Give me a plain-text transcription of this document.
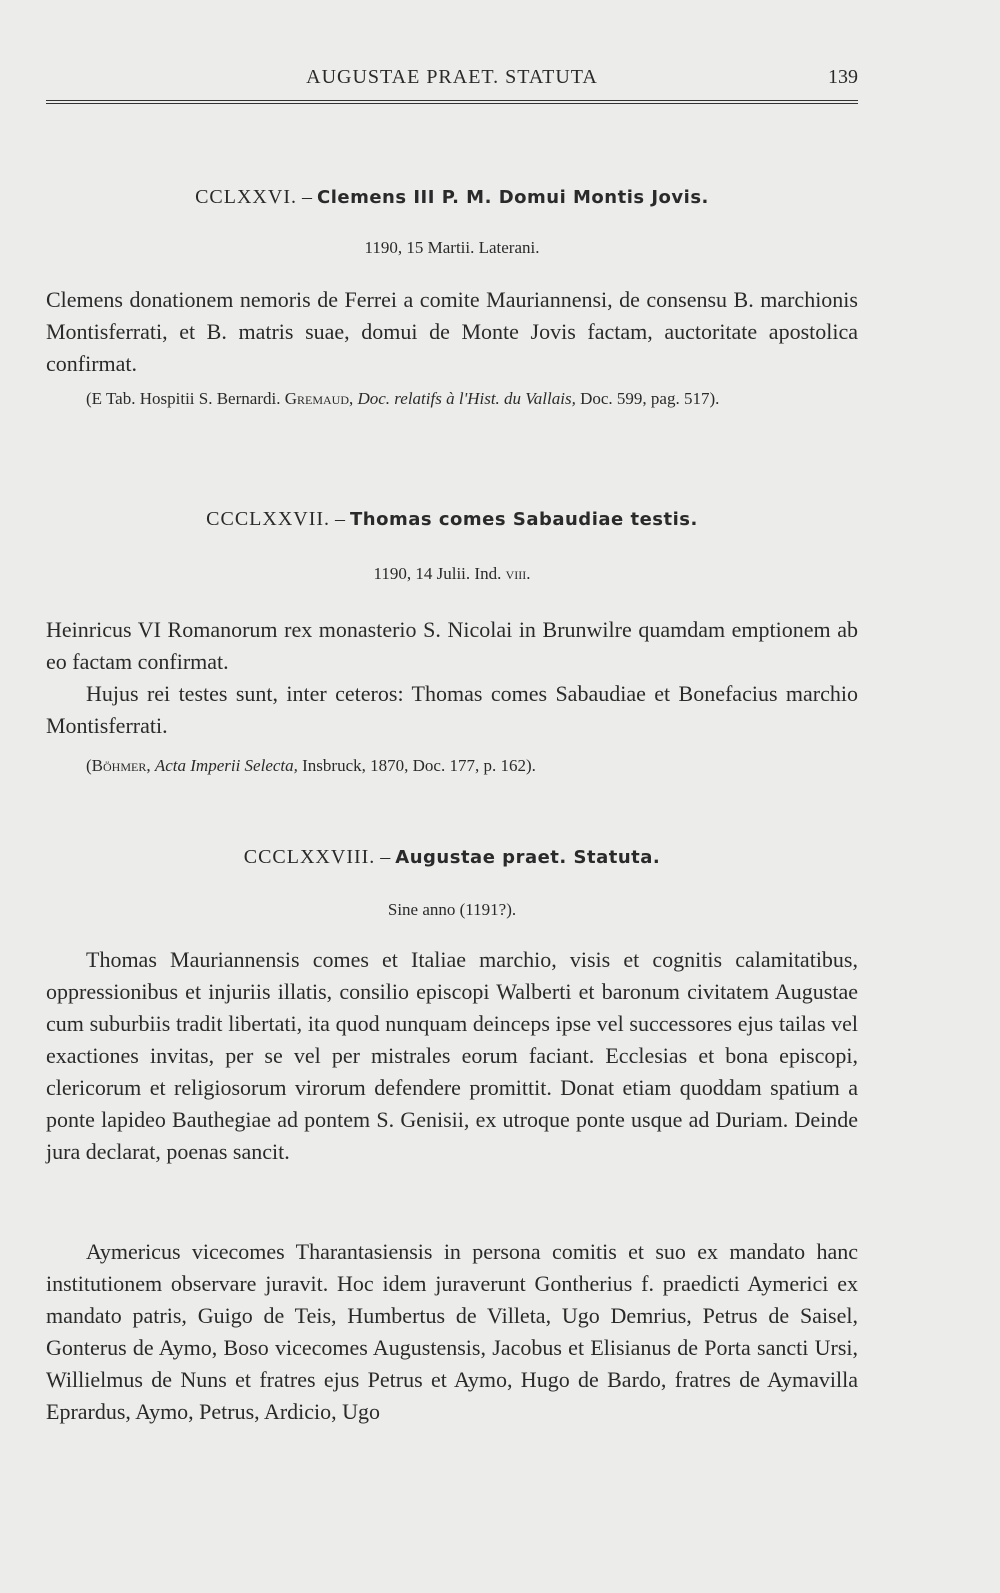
AUGUSTAE PRAET. STATUTA	139
CCLXXVI. – Clemens III P. M. Domui Montis Jovis.
1190, 15 Martii. Laterani.
Clemens donationem nemoris de Ferrei a comite Mauriannensi, de consensu B. marchionis Montisferrati, et B. matris suae, domui de Monte Jovis factam, auctoritate apostolica confirmat.
(E Tab. Hospitii S. Bernardi. Gremaud, Doc. relatifs à l'Hist. du Vallais, Doc. 599, pag. 517).
CCCLXXVII. – Thomas comes Sabaudiae testis.
1190, 14 Julii. Ind. viii.
Heinricus VI Romanorum rex monasterio S. Nicolai in Brunwilre quamdam emptionem ab eo factam confirmat.
Hujus rei testes sunt, inter ceteros: Thomas comes Sabaudiae et Bonefacius marchio Montisferrati.
(Böhmer, Acta Imperii Selecta, Insbruck, 1870, Doc. 177, p. 162).
CCCLXXVIII. – Augustae praet. Statuta.
Sine anno (1191?).
Thomas Mauriannensis comes et Italiae marchio, visis et cognitis calamitatibus, oppressionibus et injuriis illatis, consilio episcopi Walberti et baronum civitatem Augustae cum suburbiis tradit libertati, ita quod nunquam deinceps ipse vel successores ejus tailas vel exactiones invitas, per se vel per mistrales eorum faciant. Ecclesias et bona episcopi, clericorum et religiosorum virorum defendere promittit. Donat etiam quoddam spatium a ponte lapideo Bauthegiae ad pontem S. Genisii, ex utroque ponte usque ad Duriam. Deinde jura declarat, poenas sancit.
Aymericus vicecomes Tharantasiensis in persona comitis et suo ex mandato hanc institutionem observare juravit. Hoc idem juraverunt Gontherius f. praedicti Aymerici ex mandato patris, Guigo de Teis, Humbertus de Villeta, Ugo Demrius, Petrus de Saisel, Gonterus de Aymo, Boso vicecomes Augustensis, Jacobus et Elisianus de Porta sancti Ursi, Willielmus de Nuns et fratres ejus Petrus et Aymo, Hugo de Bardo, fratres de Aymavilla Eprardus, Aymo, Petrus, Ardicio, Ugo
